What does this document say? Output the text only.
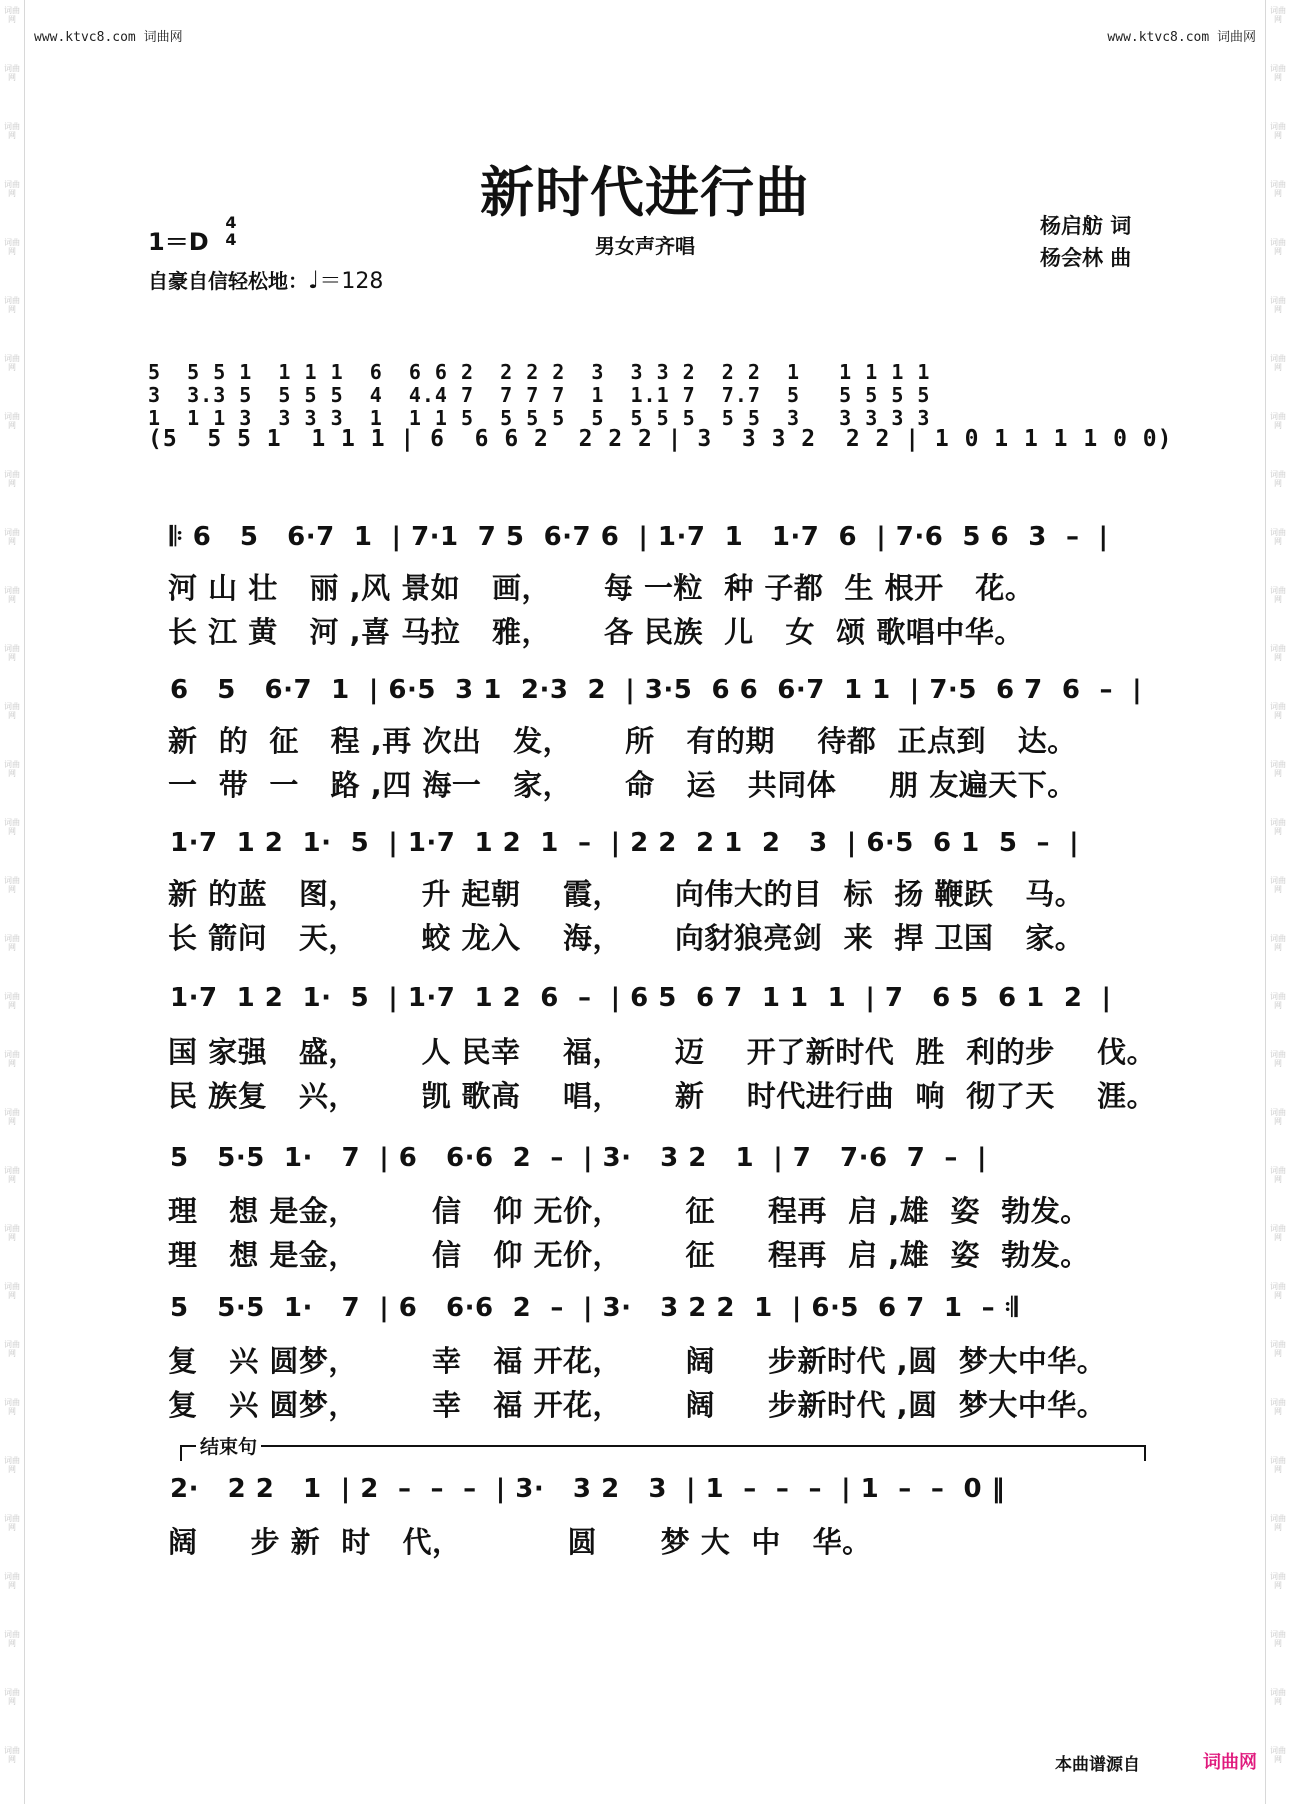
词曲网
词曲网
词曲网
词曲网
词曲网
词曲网
词曲网
词曲网
词曲网
词曲网
词曲网
词曲网
词曲网
词曲网
词曲网
词曲网
词曲网
词曲网
词曲网
词曲网
词曲网
词曲网
词曲网
词曲网
词曲网
词曲网
词曲网
词曲网
词曲网
词曲网
词曲网
词曲网
词曲网
词曲网
词曲网
词曲网
词曲网
词曲网
词曲网
词曲网
词曲网
词曲网
词曲网
词曲网
词曲网
词曲网
词曲网
词曲网
词曲网
词曲网
词曲网
词曲网
词曲网
词曲网
词曲网
词曲网
词曲网
词曲网
词曲网
词曲网
词曲网
词曲网
www.ktvc8.com 词曲网	www.ktvc8.com 词曲网
新时代进行曲
1＝D
4
4	男女声齐唱
杨启舫 词
杨会林 曲
自豪自信轻松地：♩＝128
5  5 5 1  1 1 1  6  6 6 2  2 2 2  3  3 3 2  2 2  1   1 1 1 1
3  3.3 5  5 5 5  4  4.4 7  7 7 7  1  1.1 7  7.7  5   5 5 5 5
1  1 1 3  3 3 3  1  1 1 5  5 5 5  5  5 5 5  5 5  3   3 3 3 3
(5  5 5 1  1 1 1 | 6  6 6 2  2 2 2 | 3  3 3 2  2 2 | 1 0 1 1 1 1 0 0)
𝄆 6   5   6·7  1  | 7·1  7 5  6·7 6  | 1·7  1   1·7  6  | 7·6  5 6  3  –  |
河 山 壮   丽 ,风 景如   画，     每 一粒  种 子都  生 根开   花。
长 江 黄   河 ,喜 马拉   雅，     各 民族  儿   女  颂 歌唱中华。
6   5   6·7  1  | 6·5  3 1  2·3  2  | 3·5  6 6  6·7  1 1  | 7·5  6 7  6  –  |
新  的  征   程 ,再 次出   发，     所   有的期    待都  正点到   达。
一  带  一   路 ,四 海一   家，     命   运   共同体     朋 友遍天下。
1·7  1 2  1·  5  | 1·7  1 2  1  –  | 2 2  2 1  2   3  | 6·5  6 1  5  –  |
新 的蓝   图，      升 起朝    霞，     向伟大的目  标  扬 鞭跃   马。
长 箭问   天，      蛟 龙入    海，     向豺狼亮剑  来  捍 卫国   家。
1·7  1 2  1·  5  | 1·7  1 2  6  –  | 6 5  6 7  1 1  1  | 7   6 5  6 1  2  |
国 家强   盛，      人 民幸    福，     迈    开了新时代  胜  利的步    伐。
民 族复   兴，      凯 歌高    唱，     新    时代进行曲  响  彻了天    涯。
5   5·5  1·   7  | 6   6·6  2  –  | 3·   3 2   1  | 7   7·6  7  –  |
理   想 是金，       信   仰 无价，      征     程再  启 ,雄  姿  勃发。
理   想 是金，       信   仰 无价，      征     程再  启 ,雄  姿  勃发。
5   5·5  1·   7  | 6   6·6  2  –  | 3·   3 2 2  1  | 6·5  6 7  1  – 𝄇
复   兴 圆梦，       幸   福 开花，      阔     步新时代 ,圆  梦大中华。
复   兴 圆梦，       幸   福 开花，      阔     步新时代 ,圆  梦大中华。
结束句
2·   2 2   1  | 2  –  –  –  | 3·   3 2   3  | 1  –  –  –  | 1  –  –  0 ‖
阔     步 新  时   代，          圆      梦 大  中   华。
本曲谱源自	词曲网
